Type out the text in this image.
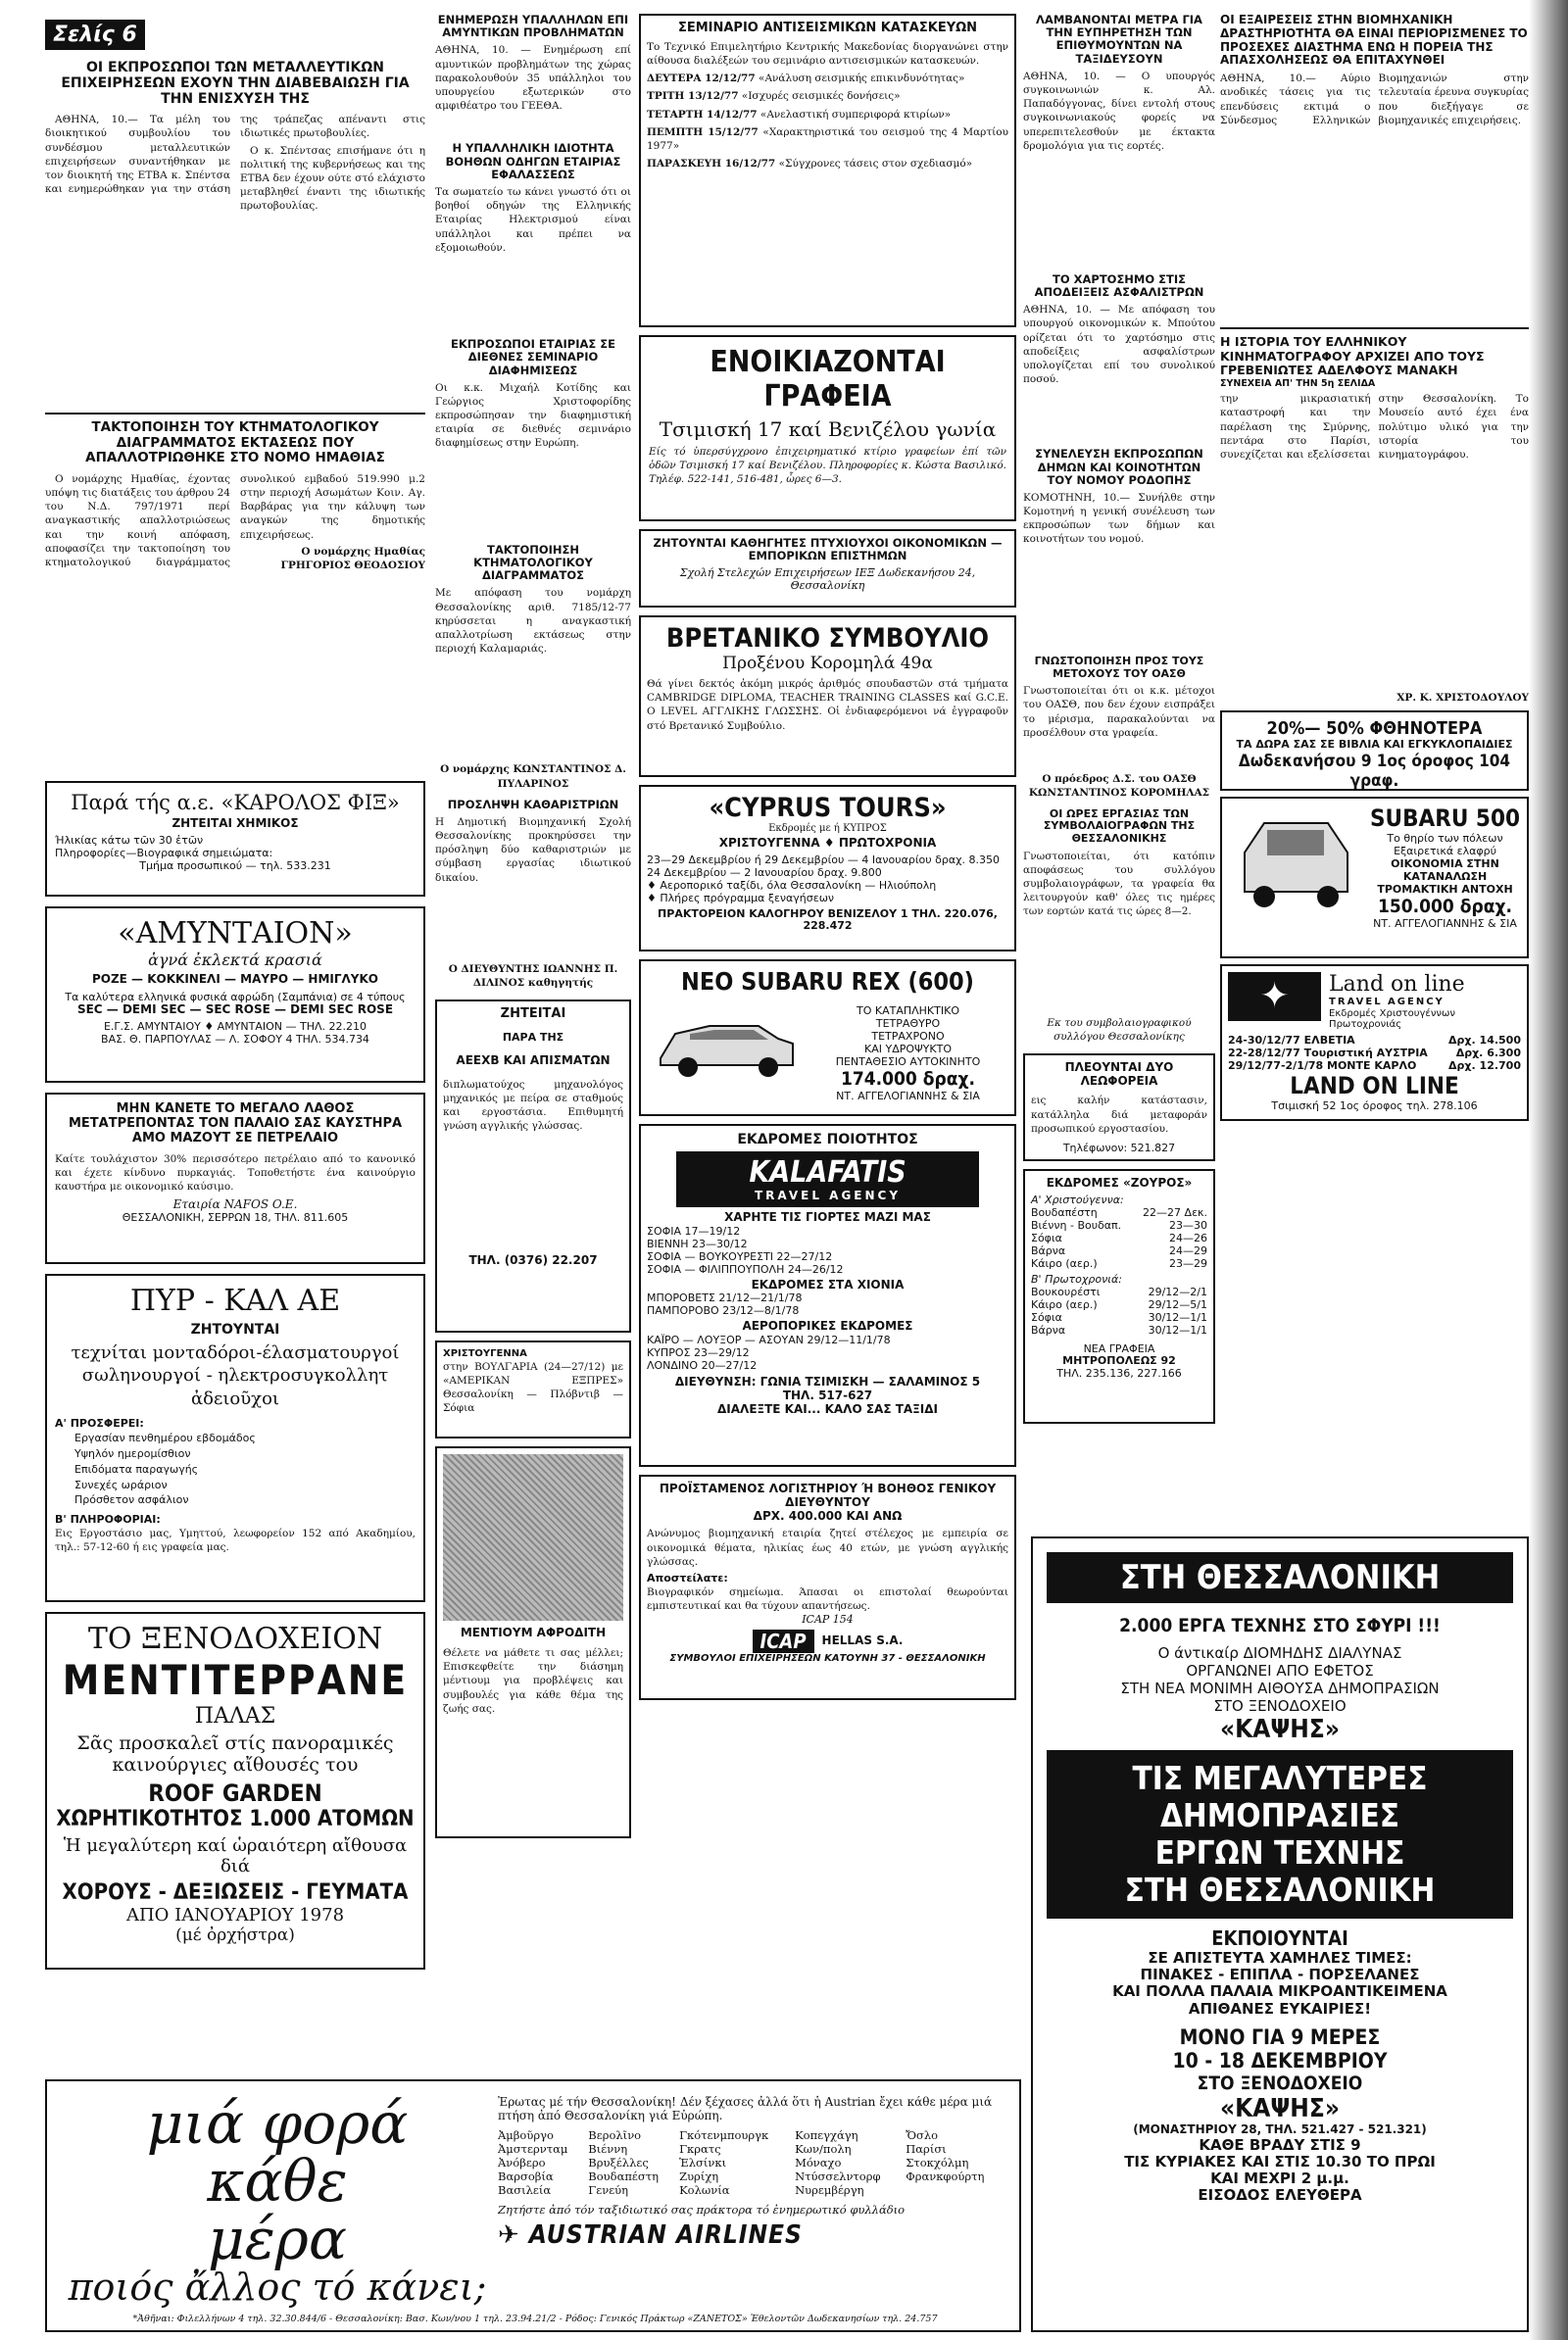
Σελίς 6
ΟΙ ΕΚΠΡΟΣΩΠΟΙ ΤΩΝ ΜΕΤΑΛΛΕΥΤΙΚΩΝ ΕΠΙΧΕΙΡΗΣΕΩΝ ΕΧΟΥΝ ΤΗΝ ΔΙΑΒΕΒΑΙΩΣΗ ΓΙΑ ΤΗΝ ΕΝΙΣΧΥΣΗ ΤΗΣ

ΑΘΗΝΑ, 10.— Τα μέλη του διοικητικού συμβουλίου του συνδέσμου μεταλλευτικών επιχειρήσεων συναντήθηκαν με τον διοικητή της ΕΤΒΑ κ. Σπέντσα και ενημερώθηκαν για την στάση της τράπεζας απέναντι στις ιδιωτικές πρωτοβουλίες.

Ο κ. Σπέντσας επισήμανε ότι η πολιτική της κυβερνήσεως και της ΕΤΒΑ δεν έχουν ούτε στό ελάχιστο μεταβληθεί έναντι της ιδιωτικής πρωτοβουλίας.

ΤΑΚΤΟΠΟΙΗΣΗ ΤΟΥ ΚΤΗΜΑΤΟΛΟΓΙΚΟΥ ΔΙΑΓΡΑΜΜΑΤΟΣ ΕΚΤΑΣΕΩΣ ΠΟΥ ΑΠΑΛΛΟΤΡΙΩΘΗΚΕ ΣΤΟ ΝΟΜΟ ΗΜΑΘΙΑΣ

Ο νομάρχης Ημαθίας, έχοντας υπόψη τις διατάξεις του άρθρου 24 του Ν.Δ. 797/1971 περί αναγκαστικής απαλλοτριώσεως και την κοινή απόφαση, αποφασίζει την τακτοποίηση του κτηματολογικού διαγράμματος συνολικού εμβαδού 519.990 μ.2 στην περιοχή Ασωμάτων Κοιν. Αγ. Βαρβάρας για την κάλυψη των αναγκών της δημοτικής επιχειρήσεως.

Ο νομάρχης Ημαθίας ΓΡΗΓΟΡΙΟΣ ΘΕΟΔΟΣΙΟΥ

Παρά τής α.ε. «ΚΑΡΟΛΟΣ ΦΙΞ»
ΖΗΤΕΙΤΑΙ ΧΗΜΙΚΟΣ
Ήλικίας κάτω τῶν 30 ἐτῶν
Πληροφορίες—Βιογραφικά σημειώματα:
Τμήμα προσωπικού — τηλ. 533.231
«ΑΜΥΝΤΑΙΟΝ»
ἁγνά ἐκλεκτά κρασιά
ΡΟΖΕ — ΚΟΚΚΙΝΕΛΙ — ΜΑΥΡΟ — ΗΜΙΓΛΥΚΟ
Τα καλύτερα ελληνικά φυσικά αφρώδη (Σαμπάνια) σε 4 τύπους
SEC — DEMI SEC — SEC ROSE — DEMI SEC ROSE
Ε.Γ.Σ. ΑΜΥΝΤΑΙΟΥ ♦ ΑΜΥΝΤΑΙΟΝ — ΤΗΛ. 22.210
ΒΑΣ. Θ. ΠΑΡΠΟΥΛΑΣ — Λ. ΣΟΦΟΥ 4 ΤΗΛ. 534.734
ΜΗΝ ΚΑΝΕΤΕ ΤΟ ΜΕΓΑΛΟ ΛΑΘΟΣ ΜΕΤΑΤΡΕΠΟΝΤΑΣ ΤΟΝ ΠΑΛΑΙΟ ΣΑΣ ΚΑΥΣΤΗΡΑ ΑΜΟ ΜΑΖΟΥΤ ΣΕ ΠΕΤΡΕΛΑΙΟ
Καίτε τουλάχιστον 30% περισσότερο πετρέλαιο από το κανονικό και έχετε κίνδυνο πυρκαγιάς. Τοποθετήστε ένα καινούργιο καυστήρα με οικονομικό καύσιμο.
Εταιρία NAFOS O.E.
ΘΕΣΣΑΛΟΝΙΚΗ, ΣΕΡΡΩΝ 18, ΤΗΛ. 811.605
ΠΥΡ - ΚΑΛ ΑΕ
ΖΗΤΟΥΝΤΑΙ
τεχνίται μονταδόροι-έλασματουργοί σωληνουργοί - ηλεκτροσυγκολλητ ἀδειοῦχοι
Α' ΠΡΟΣΦΕΡΕΙ:
Εργασίαν πενθημέρου εβδομάδος
Υψηλόν ημερομίσθιον
Επιδόματα παραγωγής
Συνεχές ωράριον
Πρόσθετον ασφάλιον
Β' ΠΛΗΡΟΦΟΡΙΑΙ:
Εις Εργοστάσιο μας, Υμηττού, λεωφορείον 152 από Ακαδημίου, τηλ.: 57-12-60 ή εις γραφεία μας.
ΤΟ ΞΕΝΟΔΟΧΕΙΟΝ
ΜΕΝΤΙΤΕΡΡΑΝΕ
ΠΑΛΑΣ
Σᾶς προσκαλεῖ στίς πανοραμικές καινούργιες αἴθουσές του
ROOF GARDEN
ΧΩΡΗΤΙΚΟΤΗΤΟΣ 1.000 ΑΤΟΜΩΝ
Ἡ μεγαλύτερη καί ὡραιότερη αἴθουσα διά
ΧΟΡΟΥΣ - ΔΕΞΙΩΣΕΙΣ - ΓΕΥΜΑΤΑ
ΑΠΟ ΙΑΝΟΥΑΡΙΟΥ 1978
(μέ ὀρχήστρα)
ΕΝΗΜΕΡΩΣΗ ΥΠΑΛΛΗΛΩΝ ΕΠΙ ΑΜΥΝΤΙΚΩΝ ΠΡΟΒΛΗΜΑΤΩΝ
ΑΘΗΝΑ, 10. — Ενημέρωση επί αμυντικών προβλημάτων της χώρας παρακολουθούν 35 υπάλληλοι του υπουργείου εξωτερικών στο αμφιθέατρο του ΓΕΕΘΑ.
Η ΥΠΑΛΛΗΛΙΚΗ ΙΔΙΟΤΗΤΑ ΒΟΗΘΩΝ ΟΔΗΓΩΝ ΕΤΑΙΡΙΑΣ ΕΦΑΛΑΣΣΕΩΣ
Τα σωματείο τω κάνει γνωστό ότι οι βοηθοί οδηγών της Ελληνικής Εταιρίας Ηλεκτρισμού είναι υπάλληλοι και πρέπει να εξομοιωθούν.
ΕΚΠΡΟΣΩΠΟΙ ΕΤΑΙΡΙΑΣ ΣΕ ΔΙΕΘΝΕΣ ΣΕΜΙΝΑΡΙΟ ΔΙΑΦΗΜΙΣΕΩΣ
Οι κ.κ. Μιχαήλ Κοτίδης και Γεώργιος Χριστοφορίδης εκπροσώπησαν την διαφημιστική εταιρία σε διεθνές σεμινάριο διαφημίσεως στην Ευρώπη.
ΤΑΚΤΟΠΟΙΗΣΗ ΚΤΗΜΑΤΟΛΟΓΙΚΟΥ ΔΙΑΓΡΑΜΜΑΤΟΣ
Με απόφαση του νομάρχη Θεσσαλονίκης αριθ. 7185/12-77 κηρύσσεται η αναγκαστική απαλλοτρίωση εκτάσεως στην περιοχή Καλαμαριάς.
Ο νομάρχης ΚΩΝΣΤΑΝΤΙΝΟΣ Δ. ΠΥΛΑΡΙΝΟΣ
ΠΡΟΣΛΗΨΗ ΚΑΘΑΡΙΣΤΡΙΩΝ
Η Δημοτική Βιομηχανική Σχολή Θεσσαλονίκης προκηρύσσει την πρόσληψη δύο καθαριστριών με σύμβαση εργασίας ιδιωτικού δικαίου.
Ο ΔΙΕΥΘΥΝΤΗΣ ΙΩΑΝΝΗΣ Π. ΔΙΛΙΝΟΣ καθηγητής
ΖΗΤΕΙΤΑΙ
ΠΑΡΑ ΤΗΣ
ΑΕΕΧΒ ΚΑΙ ΑΠΙΣΜΑΤΩΝ
διπλωματούχος μηχανολόγος μηχανικός με πείρα σε σταθμούς και εργοστάσια. Επιθυμητή γνώση αγγλικής γλώσσας.
ΤΗΛ. (0376) 22.207
ΧΡΙΣΤΟΥΓΕΝΝΑ
στην ΒΟΥΛΓΑΡΙΑ (24—27/12) με «ΑΜΕΡΙΚΑΝ ΕΞΠΡΕΣ» Θεσσαλονίκη — Πλόβντιβ — Σόφια
ΜΕΝΤΙΟΥΜ ΑΦΡΟΔΙΤΗ
Θέλετε να μάθετε τι σας μέλλει; Επισκεφθείτε την διάσημη μέντιουμ για προβλέψεις και συμβουλές για κάθε θέμα της ζωής σας.
ΣΕΜΙΝΑΡΙΟ ΑΝΤΙΣΕΙΣΜΙΚΩΝ ΚΑΤΑΣΚΕΥΩΝ
Το Τεχνικό Επιμελητήριο Κεντρικής Μακεδονίας διοργανώνει στην αίθουσα διαλέξεών του σεμινάριο αντισεισμικών κατασκευών.
ΔΕΥΤΕΡΑ 12/12/77 «Ανάλυση σεισμικής επικινδυνότητας»
ΤΡΙΤΗ 13/12/77 «Ισχυρές σεισμικές δονήσεις»
ΤΕΤΑΡΤΗ 14/12/77 «Ανελαστική συμπεριφορά κτιρίων»
ΠΕΜΠΤΗ 15/12/77 «Χαρακτηριστικά του σεισμού της 4 Μαρτίου 1977»
ΠΑΡΑΣΚΕΥΗ 16/12/77 «Σύγχρονες τάσεις στον σχεδιασμό»
ΕΝΟΙΚΙΑΖΟΝΤΑΙ ΓΡΑΦΕΙΑ
Τσιμισκή 17 καί Βενιζέλου γωνία
Είς τό ὑπερσύγχρονο ἐπιχειρηματικό κτίριο γραφείων ἐπί τῶν ὁδῶν Τσιμισκή 17 καί Βενιζέλου. Πληροφορίες κ. Κώστα Βασιλικό. Τηλέφ. 522-141, 516-481, ὧρες 6—3.
ΖΗΤΟΥΝΤΑΙ ΚΑΘΗΓΗΤΕΣ ΠΤΥΧΙΟΥΧΟΙ ΟΙΚΟΝΟΜΙΚΩΝ — ΕΜΠΟΡΙΚΩΝ ΕΠΙΣΤΗΜΩΝ
Σχολή Στελεχών Επιχειρήσεων ΙΕΞ Δωδεκανήσου 24, Θεσσαλονίκη
ΒΡΕΤΑΝΙΚΟ ΣΥΜΒΟΥΛΙΟ
Προξένου Κορομηλά 49α
Θά γίνει δεκτός ἀκόμη μικρός ἀριθμός σπουδαστῶν στά τμήματα CAMBRIDGE DIPLOMA, TEACHER TRAINING CLASSES καί G.C.E. O LEVEL ΑΓΓΛΙΚΗΣ ΓΛΩΣΣΗΣ. Οἱ ἐνδιαφερόμενοι νά ἐγγραφοῦν στό Βρετανικό Συμβούλιο.
«CYPRUS TOURS»
Εκδρομές με ή ΚΥΠΡΟΣ
ΧΡΙΣΤΟΥΓΕΝΝΑ ♦ ΠΡΩΤΟΧΡΟΝΙΑ
23—29 Δεκεμβρίου ή 29 Δεκεμβρίου — 4 Ιανουαρίου δραχ. 8.350
24 Δεκεμβρίου — 2 Ιανουαρίου δραχ. 9.800
♦ Αεροπορικό ταξίδι, όλα Θεσσαλονίκη — Ηλιούπολη
♦ Πλήρες πρόγραμμα ξεναγήσεων
ΠΡΑΚΤΟΡΕΙΟΝ ΚΑΛΟΓΗΡΟΥ ΒΕΝΙΖΕΛΟΥ 1 ΤΗΛ. 220.076, 228.472
ΝΕΟ SUBARU REX (600)
ΤΟ ΚΑΤΑΠΛΗΚΤΙΚΟ
ΤΕΤΡΑΘΥΡΟ
ΤΕΤΡΑΧΡΟΝΟ
ΚΑΙ ΥΔΡΟΨΥΚΤΟ
ΠΕΝΤΑΘΕΣΙΟ ΑΥΤΟΚΙΝΗΤΟ
174.000 δραχ.
ΝΤ. ΑΓΓΕΛΟΓΙΑΝΝΗΣ & ΣΙΑ
ΕΚΔΡΟΜΕΣ ΠΟΙΟΤΗΤΟΣ
KALAFATIS
TRAVEL AGENCY
ΧΑΡΗΤΕ ΤΙΣ ΓΙΟΡΤΕΣ ΜΑΖΙ ΜΑΣ
ΣΟΦΙΑ 17—19/12
ΒΙΕΝΝΗ 23—30/12
ΣΟΦΙΑ — ΒΟΥΚΟΥΡΕΣΤΙ 22—27/12
ΣΟΦΙΑ — ΦΙΛΙΠΠΟΥΠΟΛΗ 24—26/12
ΕΚΔΡΟΜΕΣ ΣΤΑ ΧΙΟΝΙΑ
ΜΠΟΡΟΒΕΤΣ 21/12—21/1/78
ΠΑΜΠΟΡΟΒΟ 23/12—8/1/78
ΑΕΡΟΠΟΡΙΚΕΣ ΕΚΔΡΟΜΕΣ
ΚΑΪΡΟ — ΛΟΥΞΟΡ — ΑΣΟΥΑΝ 29/12—11/1/78
ΚΥΠΡΟΣ 23—29/12
ΛΟΝΔΙΝΟ 20—27/12
ΔΙΕΥΘΥΝΣΗ: ΓΩΝΙΑ ΤΣΙΜΙΣΚΗ — ΣΑΛΑΜΙΝΟΣ 5
ΤΗΛ. 517-627
ΔΙΑΛΕΞΤΕ ΚΑΙ... ΚΑΛΟ ΣΑΣ ΤΑΞΙΔΙ
ΠΡΟΪΣΤΑΜΕΝΟΣ ΛΟΓΙΣΤΗΡΙΟΥ Ή ΒΟΗΘΟΣ ΓΕΝΙΚΟΥ ΔΙΕΥΘΥΝΤΟΥ
ΔΡΧ. 400.000 ΚΑΙ ΑΝΩ
Ανώνυμος βιομηχανική εταιρία ζητεί στέλεχος με εμπειρία σε οικονομικά θέματα, ηλικίας έως 40 ετών, με γνώση αγγλικής γλώσσας.
Αποστείλατε:
Βιογραφικόν σημείωμα. Άπασαι οι επιστολαί θεωρούνται εμπιστευτικαί και θα τύχουν απαντήσεως.
ICAP 154
ICAP	HELLAS S.A.
ΣΥΜΒΟΥΛΟΙ ΕΠΙΧΕΙΡΗΣΕΩΝ ΚΑΤΟΥΝΗ 37 - ΘΕΣΣΑΛΟΝΙΚΗ
ΛΑΜΒΑΝΟΝΤΑΙ ΜΕΤΡΑ ΓΙΑ ΤΗΝ ΕΥΠΗΡΕΤΗΣΗ ΤΩΝ ΕΠΙΘΥΜΟΥΝΤΩΝ ΝΑ ΤΑΞΙΔΕΥΣΟΥΝ
ΑΘΗΝΑ, 10. — Ο υπουργός συγκοινωνιών κ. Αλ. Παπαδόγγονας, δίνει εντολή στους συγκοινωνιακούς φορείς να υπερεπιτελεσθούν με έκτακτα δρομολόγια για τις εορτές.
ΤΟ ΧΑΡΤΟΣΗΜΟ ΣΤΙΣ ΑΠΟΔΕΙΞΕΙΣ ΑΣΦΑΛΙΣΤΡΩΝ
ΑΘΗΝΑ, 10. — Με απόφαση του υπουργού οικονομικών κ. Μπούτου ορίζεται ότι το χαρτόσημο στις αποδείξεις ασφαλίστρων υπολογίζεται επί του συνολικού ποσού.
ΣΥΝΕΛΕΥΣΗ ΕΚΠΡΟΣΩΠΩΝ ΔΗΜΩΝ ΚΑΙ ΚΟΙΝΟΤΗΤΩΝ ΤΟΥ ΝΟΜΟΥ ΡΟΔΟΠΗΣ
ΚΟΜΟΤΗΝΗ, 10.— Συνήλθε στην Κομοτηνή η γενική συνέλευση των εκπροσώπων των δήμων και κοινοτήτων του νομού.
ΓΝΩΣΤΟΠΟΙΗΣΗ ΠΡΟΣ ΤΟΥΣ ΜΕΤΟΧΟΥΣ ΤΟΥ ΟΑΣΘ
Γνωστοποιείται ότι οι κ.κ. μέτοχοι του ΟΑΣΘ, που δεν έχουν εισπράξει το μέρισμα, παρακαλούνται να προσέλθουν στα γραφεία.
Ο πρόεδρος Δ.Σ. του ΟΑΣΘ ΚΩΝΣΤΑΝΤΙΝΟΣ ΚΟΡΟΜΗΛΑΣ
ΟΙ ΩΡΕΣ ΕΡΓΑΣΙΑΣ ΤΩΝ ΣΥΜΒΟΛΑΙΟΓΡΑΦΩΝ ΤΗΣ ΘΕΣΣΑΛΟΝΙΚΗΣ
Γνωστοποιείται, ότι κατόπιν αποφάσεως του συλλόγου συμβολαιογράφων, τα γραφεία θα λειτουργούν καθ' όλες τις ημέρες των εορτών κατά τις ώρες 8—2.
Εκ του συμβολαιογραφικού συλλόγου Θεσσαλονίκης
ΠΛΕΟΥΝΤΑΙ ΔΥΟ ΛΕΩΦΟΡΕΙΑ
εις καλήν κατάστασιν, κατάλληλα διά μεταφοράν προσωπικού εργοστασίου.
Τηλέφωνον: 521.827
ΕΚΔΡΟΜΕΣ «ΖΟΥΡΟΣ»
Α' Χριστούγεννα:
Βουδαπέστη	22—27 Δεκ.
Βιέννη - Βουδαπ.	23—30
Σόφια	24—26
Βάρνα	24—29
Κάιρο (αερ.)	23—29
Β' Πρωτοχρονιά:
Βουκουρέστι	29/12—2/1
Κάιρο (αερ.)	29/12—5/1
Σόφια	30/12—1/1
Βάρνα	30/12—1/1
ΝΕΑ ΓΡΑΦΕΙΑ
ΜΗΤΡΟΠΟΛΕΩΣ 92
ΤΗΛ. 235.136, 227.166
ΟΙ ΕΞΑΙΡΕΣΕΙΣ ΣΤΗΝ ΒΙΟΜΗΧΑΝΙΚΗ ΔΡΑΣΤΗΡΙΟΤΗΤΑ ΘΑ ΕΙΝΑΙ ΠΕΡΙΟΡΙΣΜΕΝΕΣ ΤΟ ΠΡΟΣΕΧΕΣ ΔΙΑΣΤΗΜΑ ΕΝΩ Η ΠΟΡΕΙΑ ΤΗΣ ΑΠΑΣΧΟΛΗΣΕΩΣ ΘΑ ΕΠΙΤΑΧΥΝΘΕΙ
ΑΘΗΝΑ, 10.— Αύριο ανοδικές τάσεις για τις επενδύσεις εκτιμά ο Σύνδεσμος Ελληνικών Βιομηχανιών στην τελευταία έρευνα συγκυρίας που διεξήγαγε σε βιομηχανικές επιχειρήσεις.
Η ΙΣΤΟΡΙΑ ΤΟΥ ΕΛΛΗΝΙΚΟΥ ΚΙΝΗΜΑΤΟΓΡΑΦΟΥ ΑΡΧΙΖΕΙ ΑΠΟ ΤΟΥΣ ΓΡΕΒΕΝΙΩΤΕΣ ΑΔΕΛΦΟΥΣ ΜΑΝΑΚΗ
ΣΥΝΕΧΕΙΑ ΑΠ' ΤΗΝ 5η ΣΕΛΙΔΑ
την μικρασιατική καταστροφή και την παρέλαση της Σμύρνης, πεντάρα στο Παρίσι, συνεχίζεται και εξελίσσεται στην Θεσσαλονίκη. Το Μουσείο αυτό έχει ένα πολύτιμο υλικό για την ιστορία του κινηματογράφου.
ΧΡ. Κ. ΧΡΙΣΤΟΔΟΥΛΟΥ
20%— 50% ΦΘΗΝΟΤΕΡΑ
ΤΑ ΔΩΡΑ ΣΑΣ ΣΕ ΒΙΒΛΙΑ ΚΑΙ ΕΓΚΥΚΛΟΠΑΙΔΙΕΣ
Δωδεκανήσου 9 1ος όροφος 104 γραφ.
SUBARU 500
Το θηρίο των πόλεων
Εξαιρετικά ελαφρύ
ΟΙΚΟΝΟΜΙΑ ΣΤΗΝ ΚΑΤΑΝΑΛΩΣΗ
ΤΡΟΜΑΚΤΙΚΗ ΑΝΤΟΧΗ
150.000 δραχ.
ΝΤ. ΑΓΓΕΛΟΓΙΑΝΝΗΣ & ΣΙΑ
✦	Land on line
TRAVEL AGENCY
Εκδρομές Χριστουγέννων Πρωτοχρονιάς
24-30/12/77 ΕΛΒΕΤΙΑ	Δρχ. 14.500
22-28/12/77 Τουριστική ΑΥΣΤΡΙΑ	Δρχ. 6.300
29/12/77-2/1/78 ΜΟΝΤΕ ΚΑΡΛΟ	Δρχ. 12.700
LAND ON LINE
Τσιμισκή 52 1ος όροφος τηλ. 278.106
ΣΤΗ ΘΕΣΣΑΛΟΝΙΚΗ
2.000 ΕΡΓΑ ΤΕΧΝΗΣ ΣΤΟ ΣΦΥΡΙ !!!
Ο άντικαίρ ΔΙΟΜΗΔΗΣ ΔΙΑΛΥΝΑΣ
ΟΡΓΑΝΩΝΕΙ ΑΠΟ ΕΦΕΤΟΣ
ΣΤΗ ΝΕΑ ΜΟΝΙΜΗ ΑΙΘΟΥΣΑ ΔΗΜΟΠΡΑΣΙΩΝ
ΣΤΟ ΞΕΝΟΔΟΧΕΙΟ
«ΚΑΨΗΣ»
ΤΙΣ ΜΕΓΑΛΥΤΕΡΕΣ
ΔΗΜΟΠΡΑΣΙΕΣ
ΕΡΓΩΝ ΤΕΧΝΗΣ
ΣΤΗ ΘΕΣΣΑΛΟΝΙΚΗ
ΕΚΠΟΙΟΥΝΤΑΙ
ΣΕ ΑΠΙΣΤΕΥΤΑ ΧΑΜΗΛΕΣ ΤΙΜΕΣ:
ΠΙΝΑΚΕΣ - ΕΠΙΠΛΑ - ΠΟΡΣΕΛΑΝΕΣ
ΚΑΙ ΠΟΛΛΑ ΠΑΛΑΙΑ ΜΙΚΡΟΑΝΤΙΚΕΙΜΕΝΑ
ΑΠΙΘΑΝΕΣ ΕΥΚΑΙΡΙΕΣ!
ΜΟΝΟ ΓΙΑ 9 ΜΕΡΕΣ
10 - 18 ΔΕΚΕΜΒΡΙΟΥ
ΣΤΟ ΞΕΝΟΔΟΧΕΙΟ
«ΚΑΨΗΣ»
(ΜΟΝΑΣΤΗΡΙΟΥ 28, ΤΗΛ. 521.427 - 521.321)
ΚΑΘΕ ΒΡΑΔΥ ΣΤΙΣ 9
ΤΙΣ ΚΥΡΙΑΚΕΣ ΚΑΙ ΣΤΙΣ 10.30 ΤΟ ΠΡΩΙ
ΚΑΙ ΜΕΧΡΙ 2 μ.μ.
ΕΙΣΟΔΟΣ ΕΛΕΥΘΕΡΑ
μιά φορά
κάθε
μέρα
ποιός ἄλλος τό κάνει;
Ἐρωτας μέ τήν Θεσσαλονίκη! Δέν ξέχασες ἀλλά ὅτι ἡ Austrian ἔχει κάθε μέρα μιά πτήση ἀπό Θεσσαλονίκη γιά Εὐρώπη.
Ἀμβοῦργο	Βερολῖνο	Γκότενμπουργκ	Κοπεγχάγη	Ὄσλο
Ἀμστερνταμ	Βιέννη	Γκρατς	Κων/πολη	Παρίσι
Ἀνόβερο	Βρυξέλλες	Ἑλσίνκι	Μόναχο	Στοκχόλμη
Βαρσοβία	Βουδαπέστη	Ζυρίχη	Ντύσσελντορφ	Φρανκφούρτη
Βασιλεία	Γενεύη	Κολωνία	Νυρεμβέργη	
Ζητήστε ἀπό τόν ταξιδιωτικό σας πράκτορα τό ἐνημερωτικό φυλλάδιο
✈ AUSTRIAN AIRLINES
*Ἀθῆναι: Φιλελλήνων 4 τηλ. 32.30.844/6 - Θεσσαλονίκη: Βασ. Κων/νου 1 τηλ. 23.94.21/2 - Ρόδος: Γενικός Πράκτωρ «ΖΑΝΕΤΟΣ» Ἐθελοντῶν Δωδεκανησίων τηλ. 24.757
